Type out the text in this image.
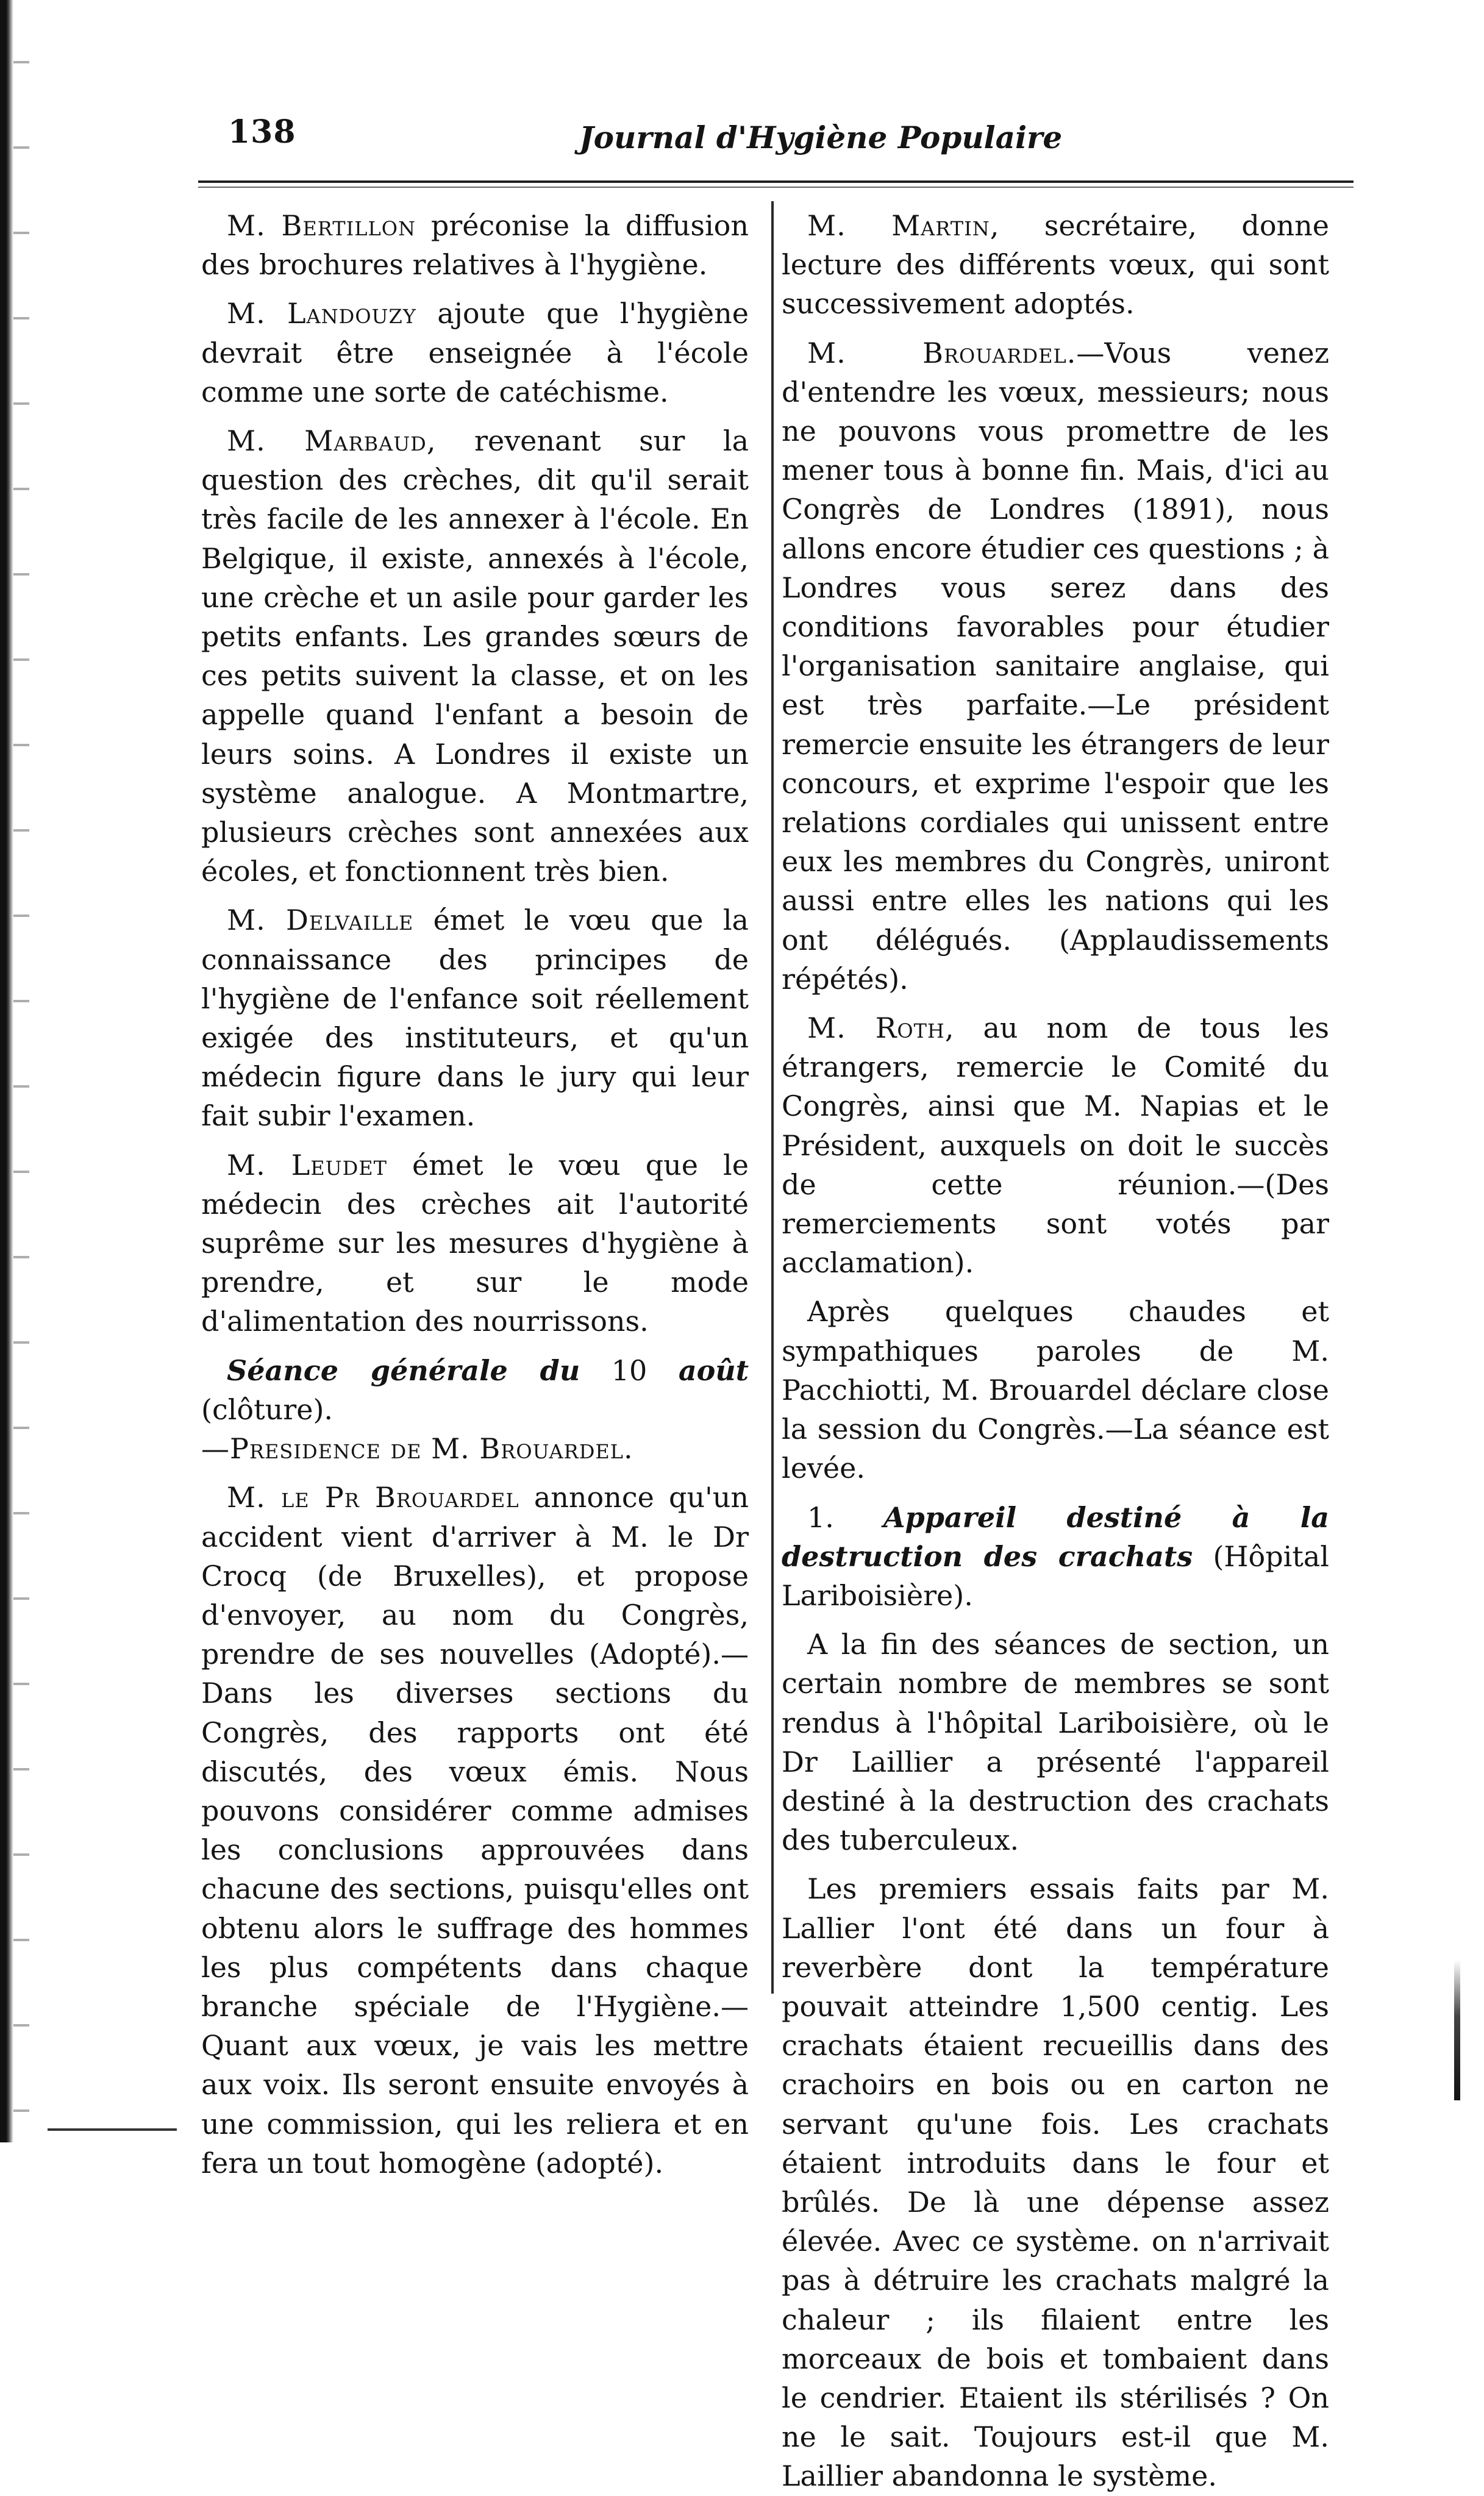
138	Journal d'Hygiène Populaire

M. Bertillon préconise la diffusion des brochures relatives à l'hygiène.

M. Landouzy ajoute que l'hygiène devrait être enseignée à l'école comme une sorte de catéchisme.

M. Marbaud, revenant sur la question des crèches, dit qu'il serait très facile de les annexer à l'école. En Belgique, il existe, annexés à l'école, une crèche et un asile pour garder les petits enfants. Les grandes sœurs de ces petits suivent la classe, et on les appelle quand l'enfant a besoin de leurs soins. A Londres il existe un système analogue. A Montmartre, plusieurs crèches sont annexées aux écoles, et fonctionnent très bien.

M. Delvaille émet le vœu que la connaissance des principes de l'hygiène de l'enfance soit réellement exigée des instituteurs, et qu'un médecin figure dans le jury qui leur fait subir l'examen.

M. Leudet émet le vœu que le médecin des crèches ait l'autorité suprême sur les mesures d'hygiène à prendre, et sur le mode d'alimentation des nourrissons.

Séance générale du 10 août (clôture).
—Presidence de M. Brouardel.

M. le Pr Brouardel annonce qu'un accident vient d'arriver à M. le Dr Crocq (de Bruxelles), et propose d'envoyer, au nom du Congrès, prendre de ses nouvelles (Adopté).—Dans les diverses sections du Congrès, des rapports ont été discutés, des vœux émis. Nous pouvons considérer comme admises les conclusions approuvées dans chacune des sections, puisqu'elles ont obtenu alors le suffrage des hommes les plus compétents dans chaque branche spéciale de l'Hygiène.—Quant aux vœux, je vais les mettre aux voix. Ils seront ensuite envoyés à une commission, qui les reliera et en fera un tout homogène (adopté).

M. Martin, secrétaire, donne lecture des différents vœux, qui sont successivement adoptés.

M. Brouardel.—Vous venez d'entendre les vœux, messieurs; nous ne pouvons vous promettre de les mener tous à bonne fin. Mais, d'ici au Congrès de Londres (1891), nous allons encore étudier ces questions ; à Londres vous serez dans des conditions favorables pour étudier l'organisation sanitaire anglaise, qui est très parfaite.—Le président remercie ensuite les étrangers de leur concours, et exprime l'espoir que les relations cordiales qui unissent entre eux les membres du Congrès, uniront aussi entre elles les nations qui les ont délégués. (Applaudissements répétés).

M. Roth, au nom de tous les étrangers, remercie le Comité du Congrès, ainsi que M. Napias et le Président, auxquels on doit le succès de cette réunion.—(Des remerciements sont votés par acclamation).

Après quelques chaudes et sympathiques paroles de M. Pacchiotti, M. Brouardel déclare close la session du Congrès.—La séance est levée.

1. Appareil destiné à la destruction des crachats (Hôpital Lariboisière).

A la fin des séances de section, un certain nombre de membres se sont rendus à l'hôpital Lariboisière, où le Dr Laillier a présenté l'appareil destiné à la destruction des crachats des tuberculeux.

Les premiers essais faits par M. Lallier l'ont été dans un four à reverbère dont la température pouvait atteindre 1,500 centig. Les crachats étaient recueillis dans des crachoirs en bois ou en carton ne servant qu'une fois. Les crachats étaient introduits dans le four et brûlés. De là une dépense assez élevée. Avec ce système. on n'arrivait pas à détruire les crachats malgré la chaleur ; ils filaient entre les morceaux de bois et tombaient dans le cendrier. Etaient ils stérilisés ? On ne le sait. Toujours est-il que M. Laillier abandonna le système.
